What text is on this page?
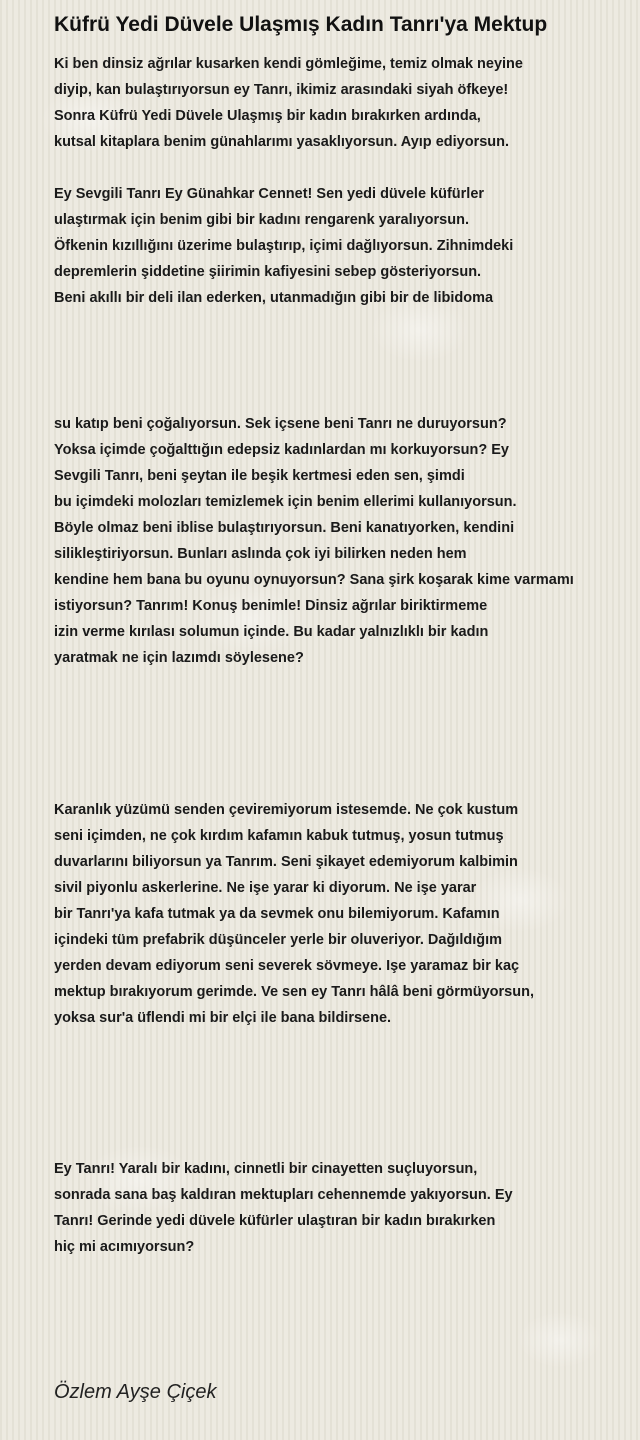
Küfrü Yedi Düvele Ulaşmış Kadın Tanrı'ya Mektup
Ki ben dinsiz ağrılar kusarken kendi gömleğime, temiz olmak neyine
diyip, kan bulaştırıyorsun ey Tanrı, ikimiz arasındaki siyah öfkeye!
Sonra Küfrü Yedi Düvele Ulaşmış bir kadın bırakırken ardında,
kutsal kitaplara benim günahlarımı yasaklıyorsun. Ayıp ediyorsun.
Ey Sevgili Tanrı Ey Günahkar Cennet! Sen yedi düvele küfürler
ulaştırmak için benim gibi bir kadını rengarenk yaralıyorsun.
Öfkenin kızıllığını üzerime bulaştırıp, içimi dağlıyorsun. Zihnimdeki
depremlerin şiddetine şiirimin kafiyesini sebep gösteriyorsun.
Beni akıllı bir deli ilan ederken, utanmadığın gibi bir de libidoma
su katıp beni çoğalıyorsun. Sek içsene beni Tanrı ne duruyorsun?
Yoksa içimde çoğalttığın edepsiz kadınlardan mı korkuyorsun? Ey
Sevgili Tanrı, beni şeytan ile beşik kertmesi eden sen, şimdi
bu içimdeki molozları temizlemek için benim ellerimi kullanıyorsun.
Böyle olmaz beni iblise bulaştırıyorsun. Beni kanatıyorken, kendini
silikleştiriyorsun. Bunları aslında çok iyi bilirken neden hem
kendine hem bana bu oyunu oynuyorsun? Sana şirk koşarak kime varmamı
istiyorsun? Tanrım! Konuş benimle! Dinsiz ağrılar biriktirmeme
izin verme kırılası solumun içinde. Bu kadar yalnızlıklı bir kadın
yaratmak ne için lazımdı söylesene?
Karanlık yüzümü senden çeviremiyorum istesemde. Ne çok kustum
seni içimden, ne çok kırdım kafamın kabuk tutmuş, yosun tutmuş
duvarlarını biliyorsun ya Tanrım. Seni şikayet edemiyorum kalbimin
sivil piyonlu askerlerine. Ne işe yarar ki diyorum. Ne işe yarar
bir Tanrı'ya kafa tutmak ya da sevmek onu bilemiyorum. Kafamın
içindeki tüm prefabrik düşünceler yerle bir oluveriyor. Dağıldığım
yerden devam ediyorum seni severek sövmeye. Işe yaramaz bir kaç
mektup bırakıyorum gerimde. Ve sen ey Tanrı hâlâ beni görmüyorsun,
yoksa sur'a üflendi mi bir elçi ile bana bildirsene.
Ey Tanrı! Yaralı bir kadını, cinnetli bir cinayetten suçluyorsun,
sonrada sana baş kaldıran mektupları cehennemde yakıyorsun. Ey
Tanrı! Gerinde yedi düvele küfürler ulaştıran bir kadın bırakırken
hiç mi acımıyorsun?
Özlem Ayşe Çiçek
